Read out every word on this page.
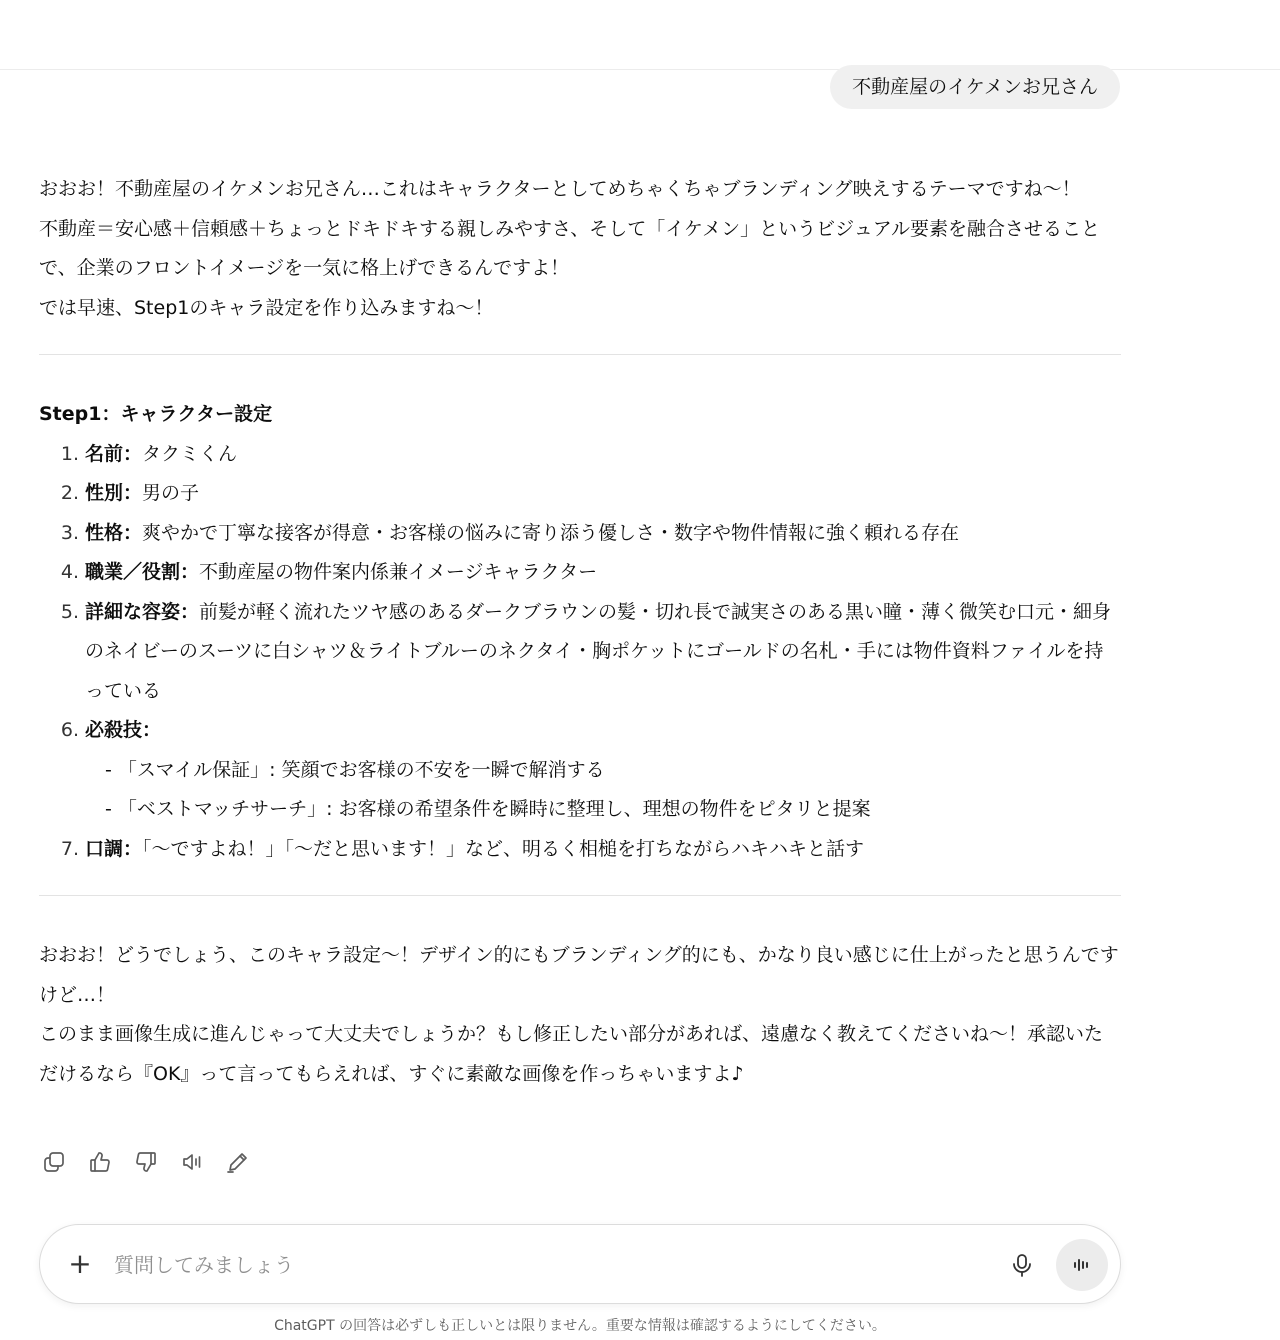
不動産屋のイケメンお兄さん

おおお！不動産屋のイケメンお兄さん…これはキャラクターとしてめちゃくちゃブランディング映えするテーマですね～！

不動産＝安心感＋信頼感＋ちょっとドキドキする親しみやすさ、そして「イケメン」というビジュアル要素を融合させることで、企業のフロントイメージを一気に格上げできるんですよ！

では早速、Step1のキャラ設定を作り込みますね～！

Step1：キャラクター設定
1. 名前：タクミくん
2. 性別：男の子
3. 性格：爽やかで丁寧な接客が得意・お客様の悩みに寄り添う優しさ・数字や物件情報に強く頼れる存在
4. 職業／役割：不動産屋の物件案内係兼イメージキャラクター
5. 詳細な容姿：前髪が軽く流れたツヤ感のあるダークブラウンの髪・切れ長で誠実さのある黒い瞳・薄く微笑む口元・細身のネイビーのスーツに白シャツ＆ライトブルーのネクタイ・胸ポケットにゴールドの名札・手には物件資料ファイルを持っている
6. 必殺技：
- 「スマイル保証」: 笑顔でお客様の不安を一瞬で解消する
- 「ベストマッチサーチ」: お客様の希望条件を瞬時に整理し、理想の物件をピタリと提案
7. 口調：「～ですよね！」「～だと思います！」など、明るく相槌を打ちながらハキハキと話す

おおお！どうでしょう、このキャラ設定～！デザイン的にもブランディング的にも、かなり良い感じに仕上がったと思うんですけど…！

このまま画像生成に進んじゃって大丈夫でしょうか？もし修正したい部分があれば、遠慮なく教えてくださいね～！承認いただけるなら『OK』って言ってもらえれば、すぐに素敵な画像を作っちゃいますよ♪

+
質問してみましょう
ChatGPT の回答は必ずしも正しいとは限りません。重要な情報は確認するようにしてください。
